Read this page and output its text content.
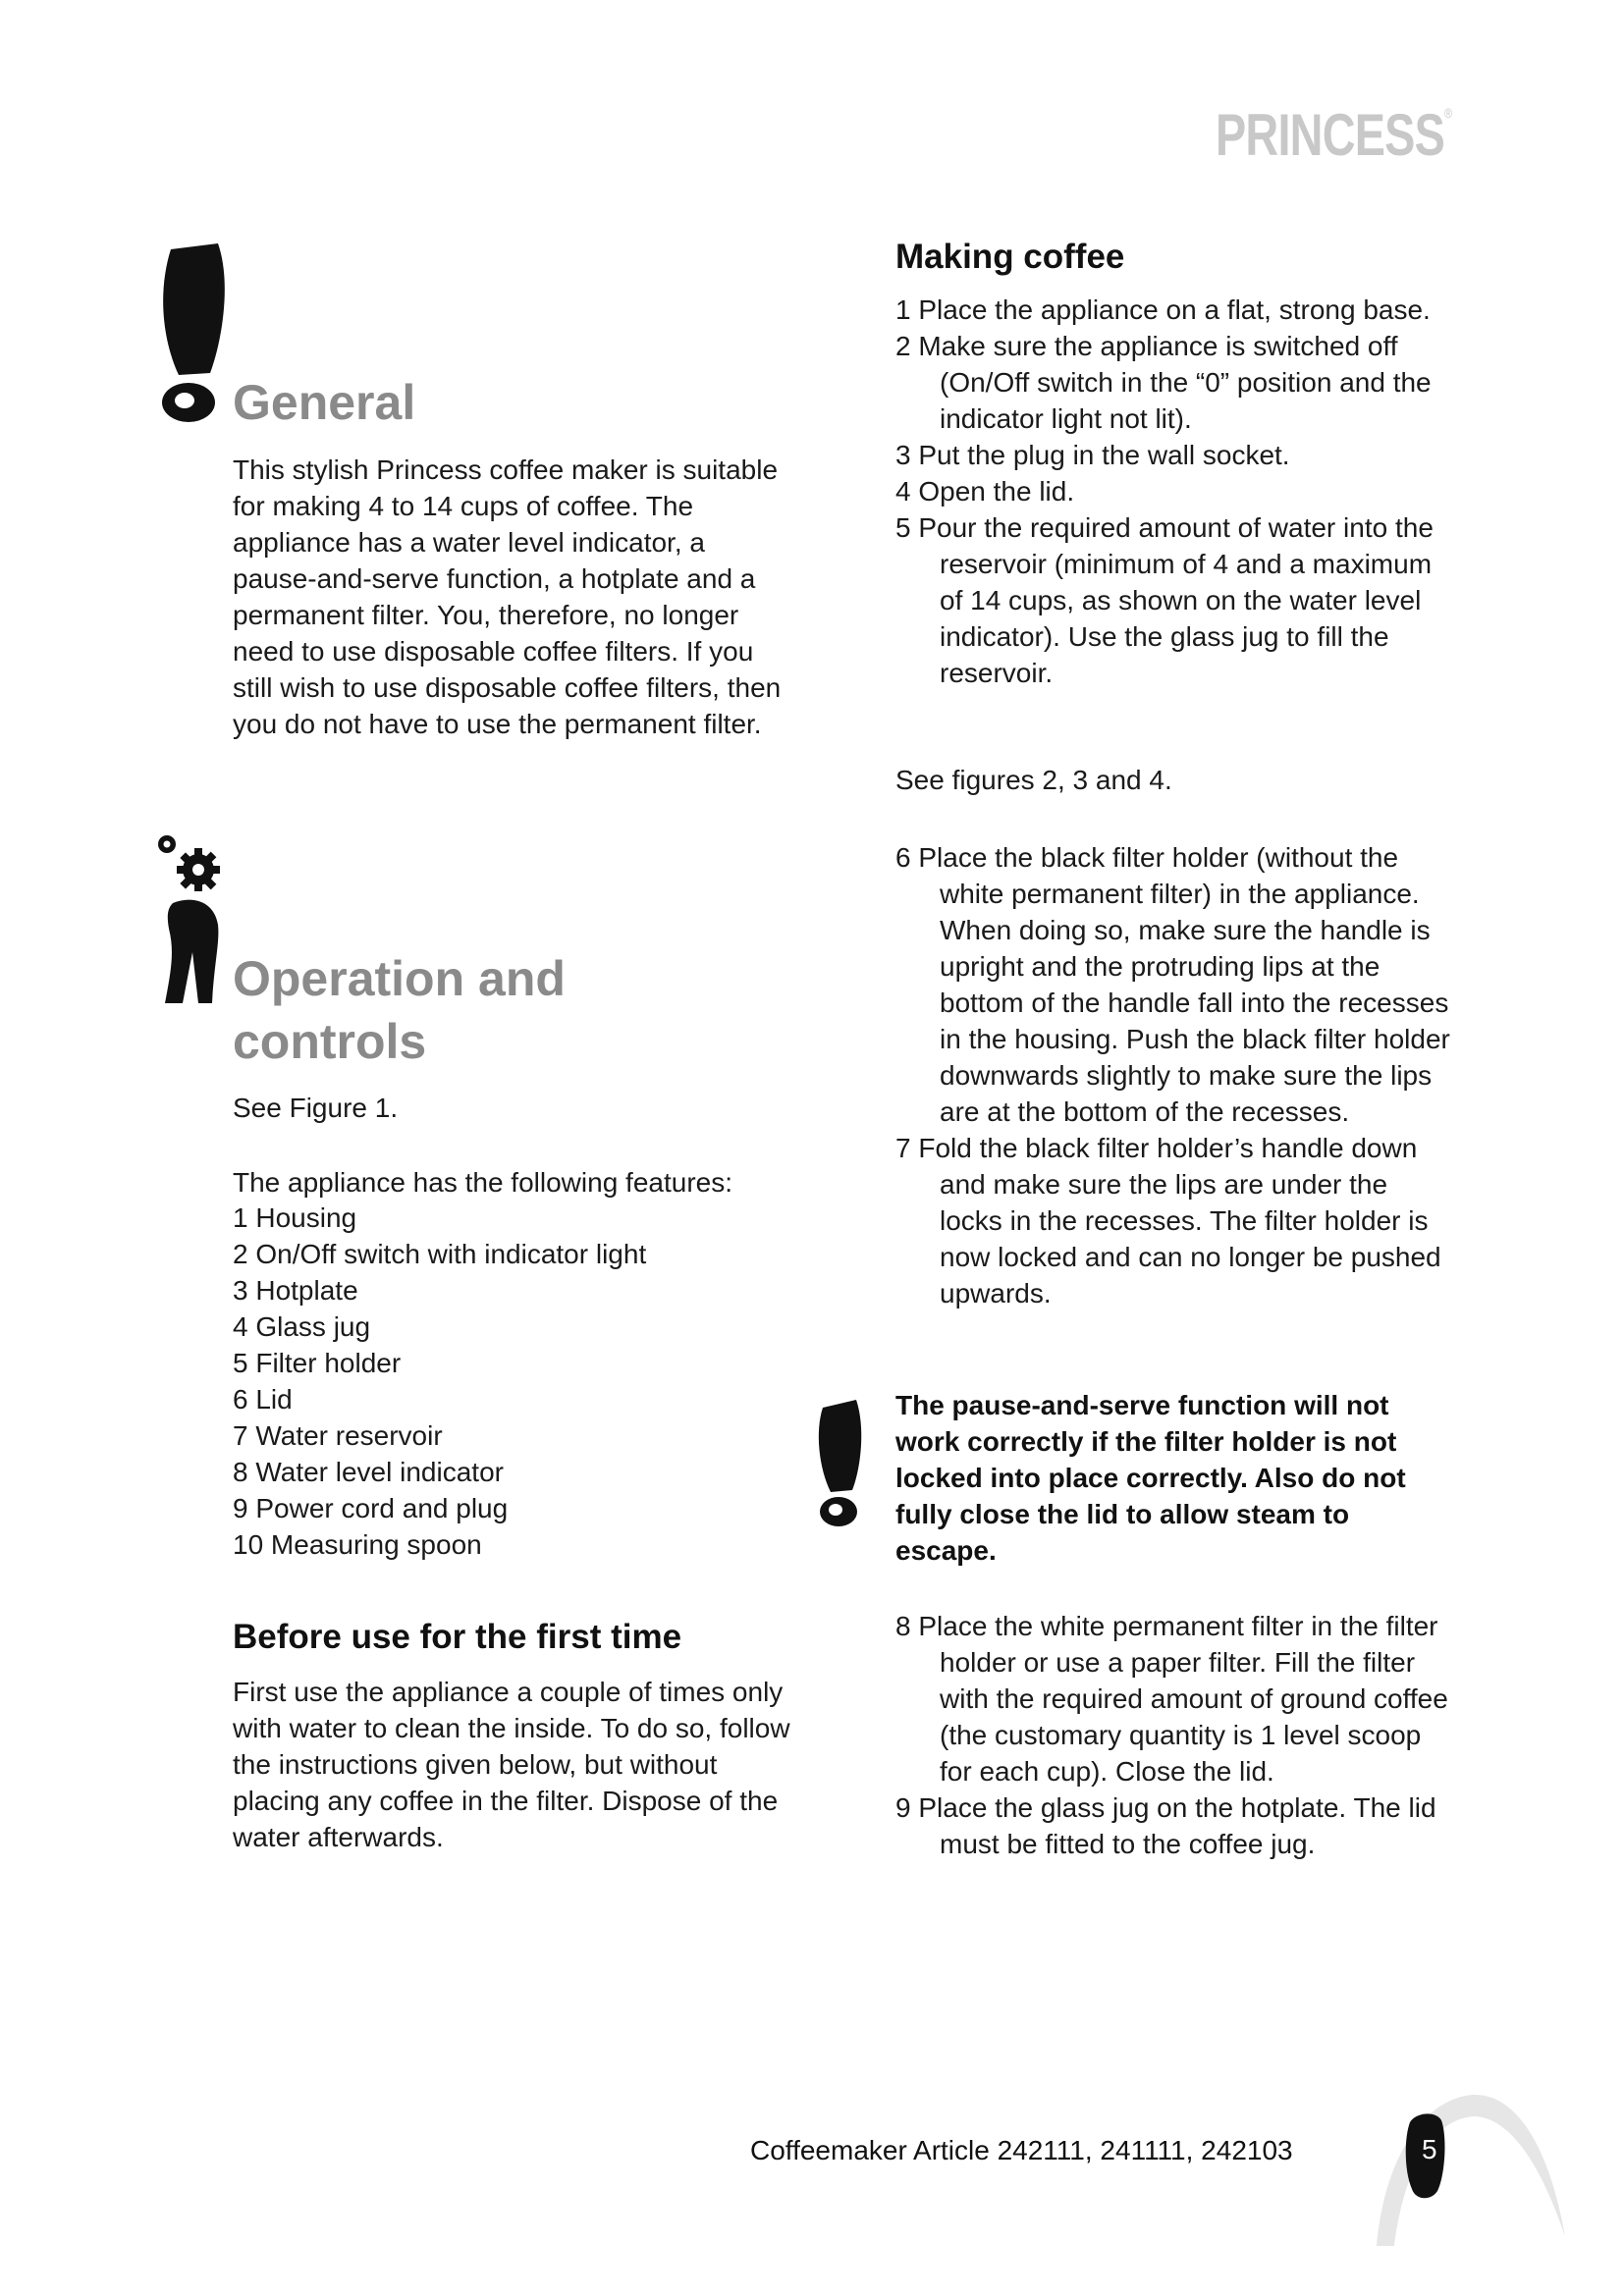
PRINCESS®
General

This stylish Princess coffee maker is suitable for making 4 to 14 cups of coffee. The appliance has a water level indicator, a pause-and-serve function, a hotplate and a permanent filter. You, therefore, no longer need to use disposable coffee filters. If you still wish to use disposable coffee filters, then you do not have to use the permanent filter.

Operation and
controls

See Figure 1.

The appliance has the following features:

1 Housing
2 On/Off switch with indicator light
3 Hotplate
4 Glass jug
5 Filter holder
6 Lid
7 Water reservoir
8 Water level indicator
9 Power cord and plug
10 Measuring spoon
Before use for the first time

First use the appliance a couple of times only with water to clean the inside. To do so, follow the instructions given below, but without placing any coffee in the filter. Dispose of the water afterwards.

Making coffee
1 Place the appliance on a flat, strong base.
2 Make sure the appliance is switched off (On/Off switch in the “0” position and the indicator light not lit).
3 Put the plug in the wall socket.
4 Open the lid.
5 Pour the required amount of water into the reservoir (minimum of 4 and a maximum of 14 cups, as shown on the water level indicator). Use the glass jug to fill the reservoir.

See figures 2, 3 and 4.

6 Place the black filter holder (without the white permanent filter) in the appliance. When doing so, make sure the handle is upright and the protruding lips at the bottom of the handle fall into the recesses in the housing. Push the black filter holder downwards slightly to make sure the lips are at the bottom of the recesses.
7 Fold the black filter holder’s handle down and make sure the lips are under the locks in the recesses. The filter holder is now locked and can no longer be pushed upwards.

The pause-and-serve function will not work correctly if the filter holder is not locked into place correctly. Also do not fully close the lid to allow steam to escape.

8 Place the white permanent filter in the filter holder or use a paper filter. Fill the filter with the required amount of ground coffee (the customary quantity is 1 level scoop for each cup). Close the lid.
9 Place the glass jug on the hotplate. The lid must be fitted to the coffee jug.
Coffeemaker Article 242111, 241111, 242103	5
